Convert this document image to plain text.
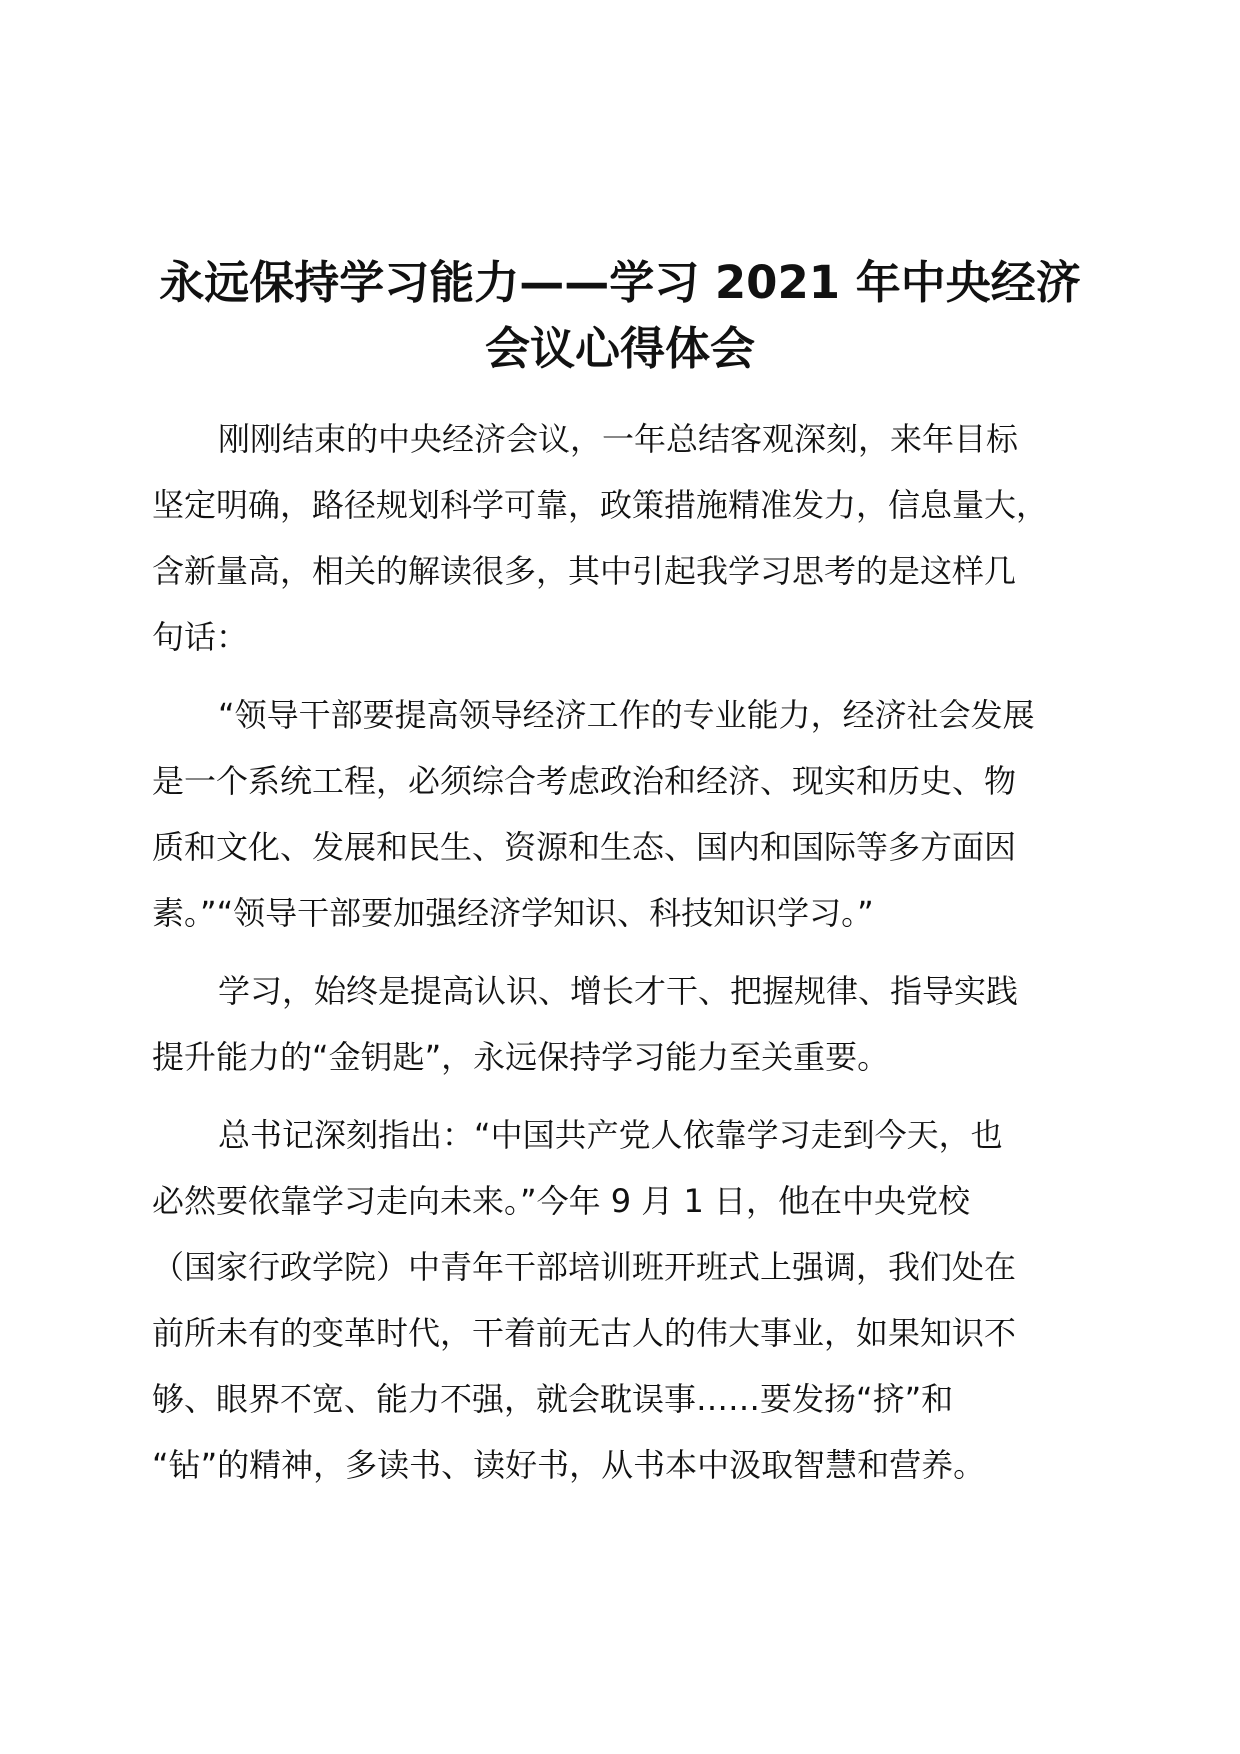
永远保持学习能力——学习 2021 年中央经济
会议心得体会
刚刚结束的中央经济会议，一年总结客观深刻，来年目标
坚定明确，路径规划科学可靠，政策措施精准发力，信息量大，
含新量高，相关的解读很多，其中引起我学习思考的是这样几
句话：
“领导干部要提高领导经济工作的专业能力，经济社会发展
是一个系统工程，必须综合考虑政治和经济、现实和历史、物
质和文化、发展和民生、资源和生态、国内和国际等多方面因
素。”“领导干部要加强经济学知识、科技知识学习。”
学习，始终是提高认识、增长才干、把握规律、指导实践
提升能力的“金钥匙”，永远保持学习能力至关重要。
总书记深刻指出：“中国共产党人依靠学习走到今天，也
必然要依靠学习走向未来。”今年 9 月 1 日，他在中央党校
（国家行政学院）中青年干部培训班开班式上强调，我们处在
前所未有的变革时代，干着前无古人的伟大事业，如果知识不
够、眼界不宽、能力不强，就会耽误事……要发扬“挤”和
“钻”的精神，多读书、读好书，从书本中汲取智慧和营养。
